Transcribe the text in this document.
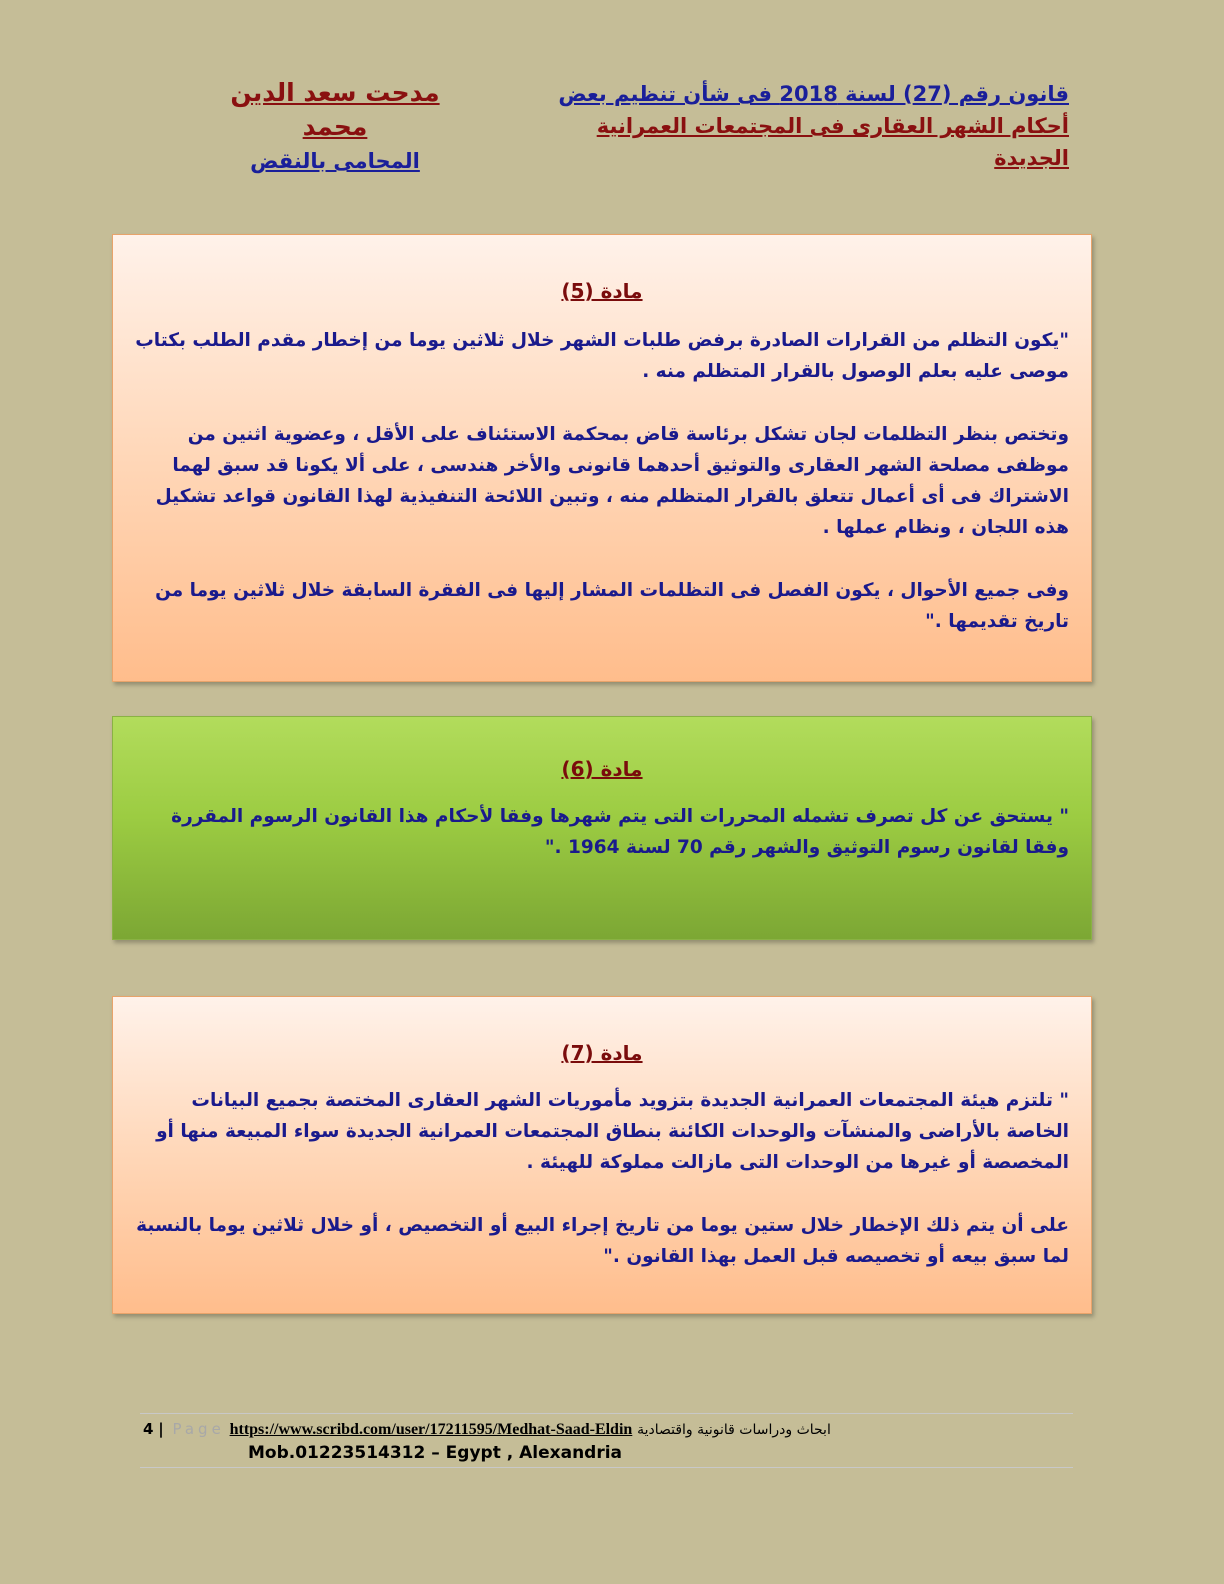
قانون رقم (27) لسنة 2018 فى شأن تنظيم بعض
أحكام الشهر العقارى فى المجتمعات العمرانية الجديدة
مدحت سعد الدين محمد
المحامى بالنقض

مادة (5)

"يكون التظلم من القرارات الصادرة برفض طلبات الشهر خلال ثلاثين يوما من إخطار مقدم الطلب بكتاب موصى عليه بعلم الوصول بالقرار المتظلم منه .

وتختص بنظر التظلمات لجان تشكل برئاسة قاض بمحكمة الاستئناف على الأقل ، وعضوية اثنين من موظفى مصلحة الشهر العقارى والتوثيق أحدهما قانونى والأخر هندسى ، على ألا يكونا قد سبق لهما الاشتراك فى أى أعمال تتعلق بالقرار المتظلم منه ، وتبين اللائحة التنفيذية لهذا القانون قواعد تشكيل هذه اللجان ، ونظام عملها .

وفى جميع الأحوال ، يكون الفصل فى التظلمات المشار إليها فى الفقرة السابقة خلال ثلاثين يوما من تاريخ تقديمها ."

مادة (6)

" يستحق عن كل تصرف تشمله المحررات التى يتم شهرها وفقا لأحكام هذا القانون الرسوم المقررة وفقا لقانون رسوم التوثيق والشهر رقم 70 لسنة 1964 ."

مادة (7)

" تلتزم هيئة المجتمعات العمرانية الجديدة بتزويد مأموريات الشهر العقارى المختصة بجميع البيانات الخاصة بالأراضى والمنشآت والوحدات الكائنة بنطاق المجتمعات العمرانية الجديدة سواء المبيعة منها أو المخصصة أو غيرها من الوحدات التى مازالت مملوكة للهيئة .

على أن يتم ذلك الإخطار خلال ستين يوما من تاريخ إجراء البيع أو التخصيص ، أو خلال ثلاثين يوما بالنسبة لما سبق بيعه أو تخصيصه قبل العمل بهذا القانون ."

4 | Page https://www.scribd.com/user/17211595/Medhat-Saad-Eldin ابحاث ودراسات قانونية واقتصادية
Mob.01223514312 – Egypt , Alexandria
